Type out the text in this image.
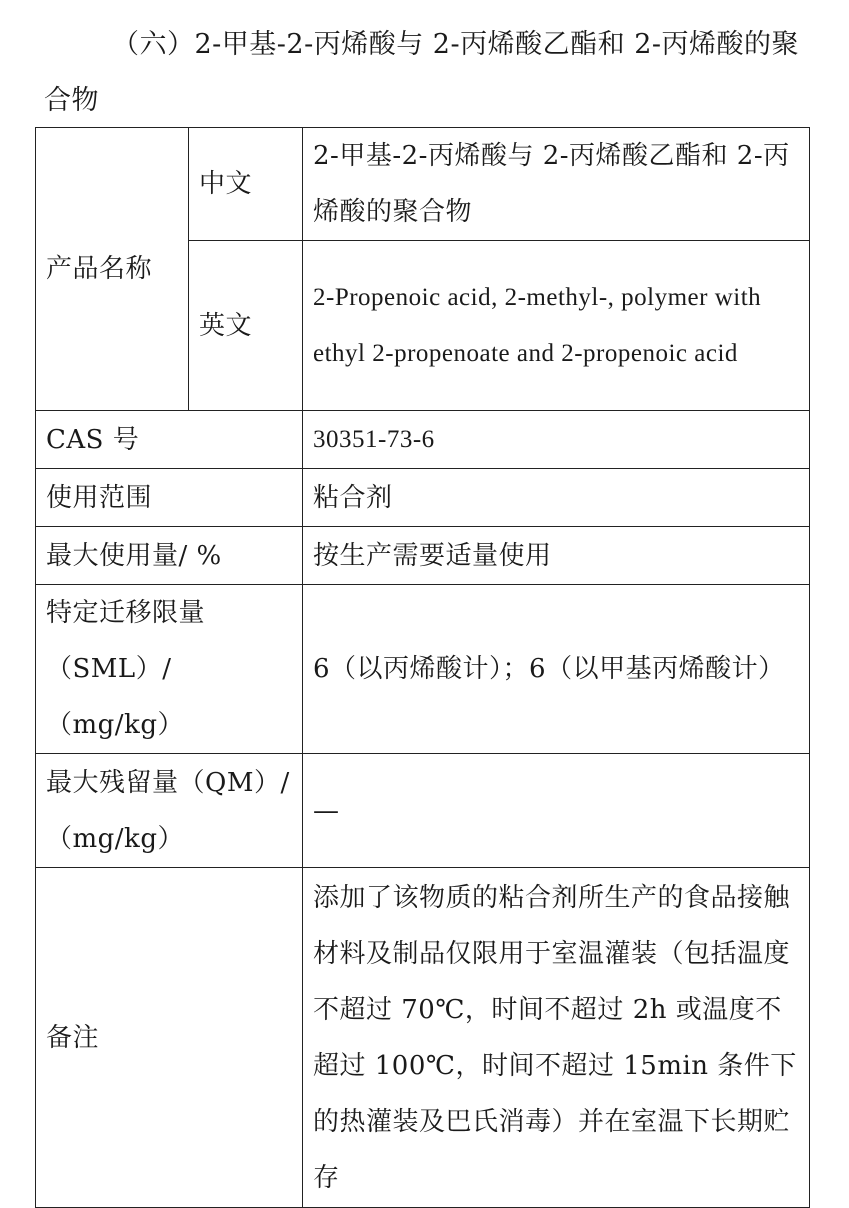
（六）2-甲基-2-丙烯酸与 2-丙烯酸乙酯和 2-丙烯酸的聚
合物
产品名称	中文	2-甲基-2-丙烯酸与 2-丙烯酸乙酯和 2-丙烯酸的聚合物
	英文	2-Propenoic acid, 2-methyl-, polymer with ethyl 2-propenoate and 2-propenoic acid
CAS 号		30351-73-6
使用范围		粘合剂
最大使用量/ %		按生产需要适量使用
特定迁移限量（SML）/（mg/kg）		6（以丙烯酸计）；6（以甲基丙烯酸计）
最大残留量（QM）/（mg/kg）		—
备注		添加了该物质的粘合剂所生产的食品接触材料及制品仅限用于室温灌装（包括温度不超过 70℃，时间不超过 2h 或温度不超过 100℃，时间不超过 15min 条件下的热灌装及巴氏消毒）并在室温下长期贮存
